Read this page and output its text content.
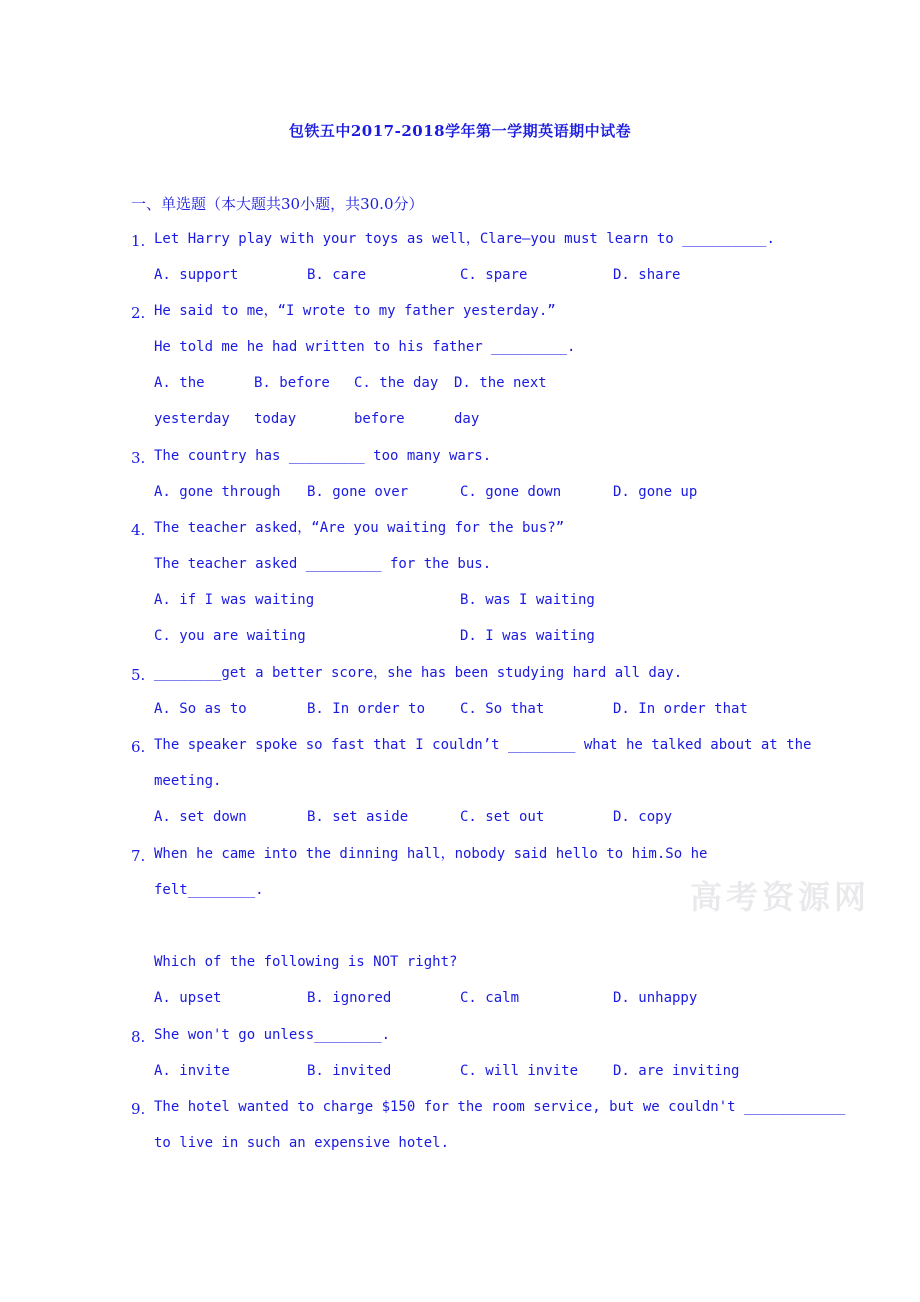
包铁五中2017-2018学年第一学期英语期中试卷
一、单选题（本大题共30小题，共30.0分）
1. Let Harry play with your toys as well，Clare—you must learn to __________.
A. support	B. care	C. spare	D. share
2. He said to me，“I wrote to my father yesterday.”
He told me he had written to his father _________.
A. the	B. before C. the day D. the next
yesterday today	before	day
3. The country has _________ too many wars.
A. gone through B. gone over	C. gone down	D. gone up
4. The teacher asked，“Are you waiting for the bus?”
The teacher asked _________ for the bus.
A. if I was waiting	B. was I waiting
C. you are waiting	D. I was waiting
5. ________get a better score，she has been studying hard all day.
A. So as to	B. In order to C. So that	D. In order that
6. The speaker spoke so fast that I couldn’t ________ what he talked about at the
meeting.
A. set down	B. set aside	C. set out	D. copy
7. When he came into the dinning hall，nobody said hello to him.So he
felt________.
Which of the following is NOT right?
A. upset	B. ignored	C. calm	D. unhappy
8. She won't go unless________.
A. invite	B. invited	C. will invite D. are inviting
9. The hotel wanted to charge $150 for the room service, but we couldn't ____________
to live in such an expensive hotel.
高考资源网
